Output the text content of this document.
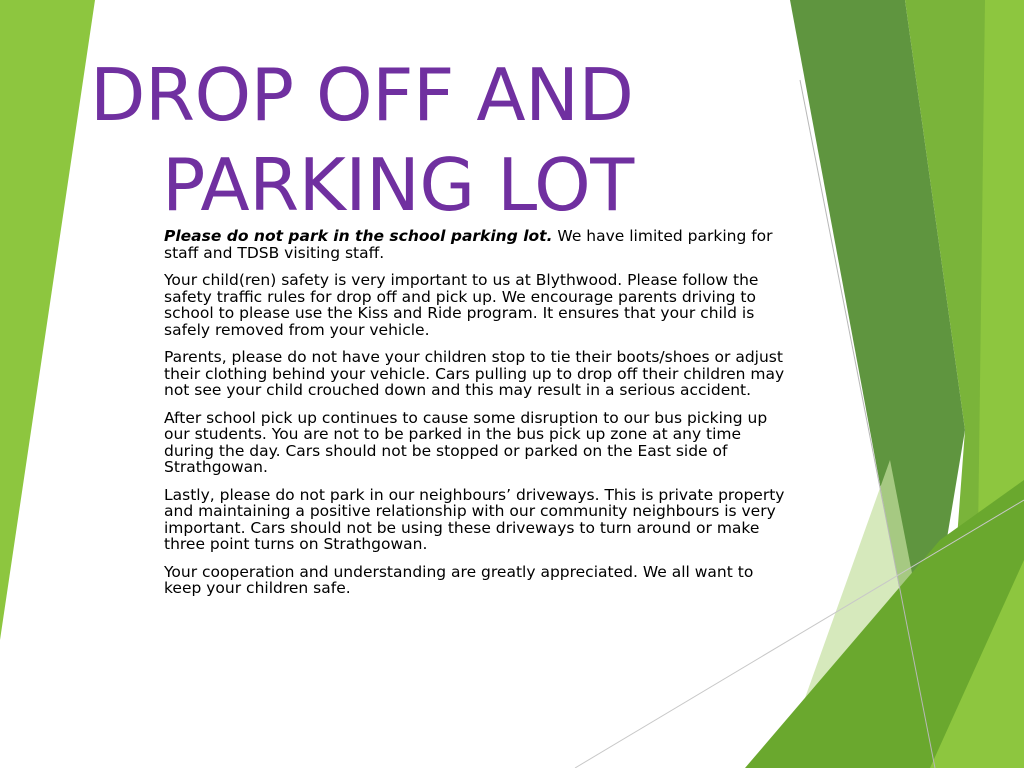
DROP OFF AND
PARKING LOT

Please do not park in the school parking lot. We have limited parking for staff and TDSB visiting staff.

Your child(ren) safety is very important to us at Blythwood. Please follow the safety traffic rules for drop off and pick up. We encourage parents driving to school to please use the Kiss and Ride program. It ensures that your child is safely removed from your vehicle.

Parents, please do not have your children stop to tie their boots/shoes or adjust their clothing behind your vehicle. Cars pulling up to drop off their children may not see your child crouched down and this may result in a serious accident.

After school pick up continues to cause some disruption to our bus picking up our students. You are not to be parked in the bus pick up zone at any time during the day. Cars should not be stopped or parked on the East side of Strathgowan.

Lastly, please do not park in our neighbours’ driveways. This is private property and maintaining a positive relationship with our community neighbours is very important. Cars should not be using these driveways to turn around or make three point turns on Strathgowan.

Your cooperation and understanding are greatly appreciated. We all want to keep your children safe.
